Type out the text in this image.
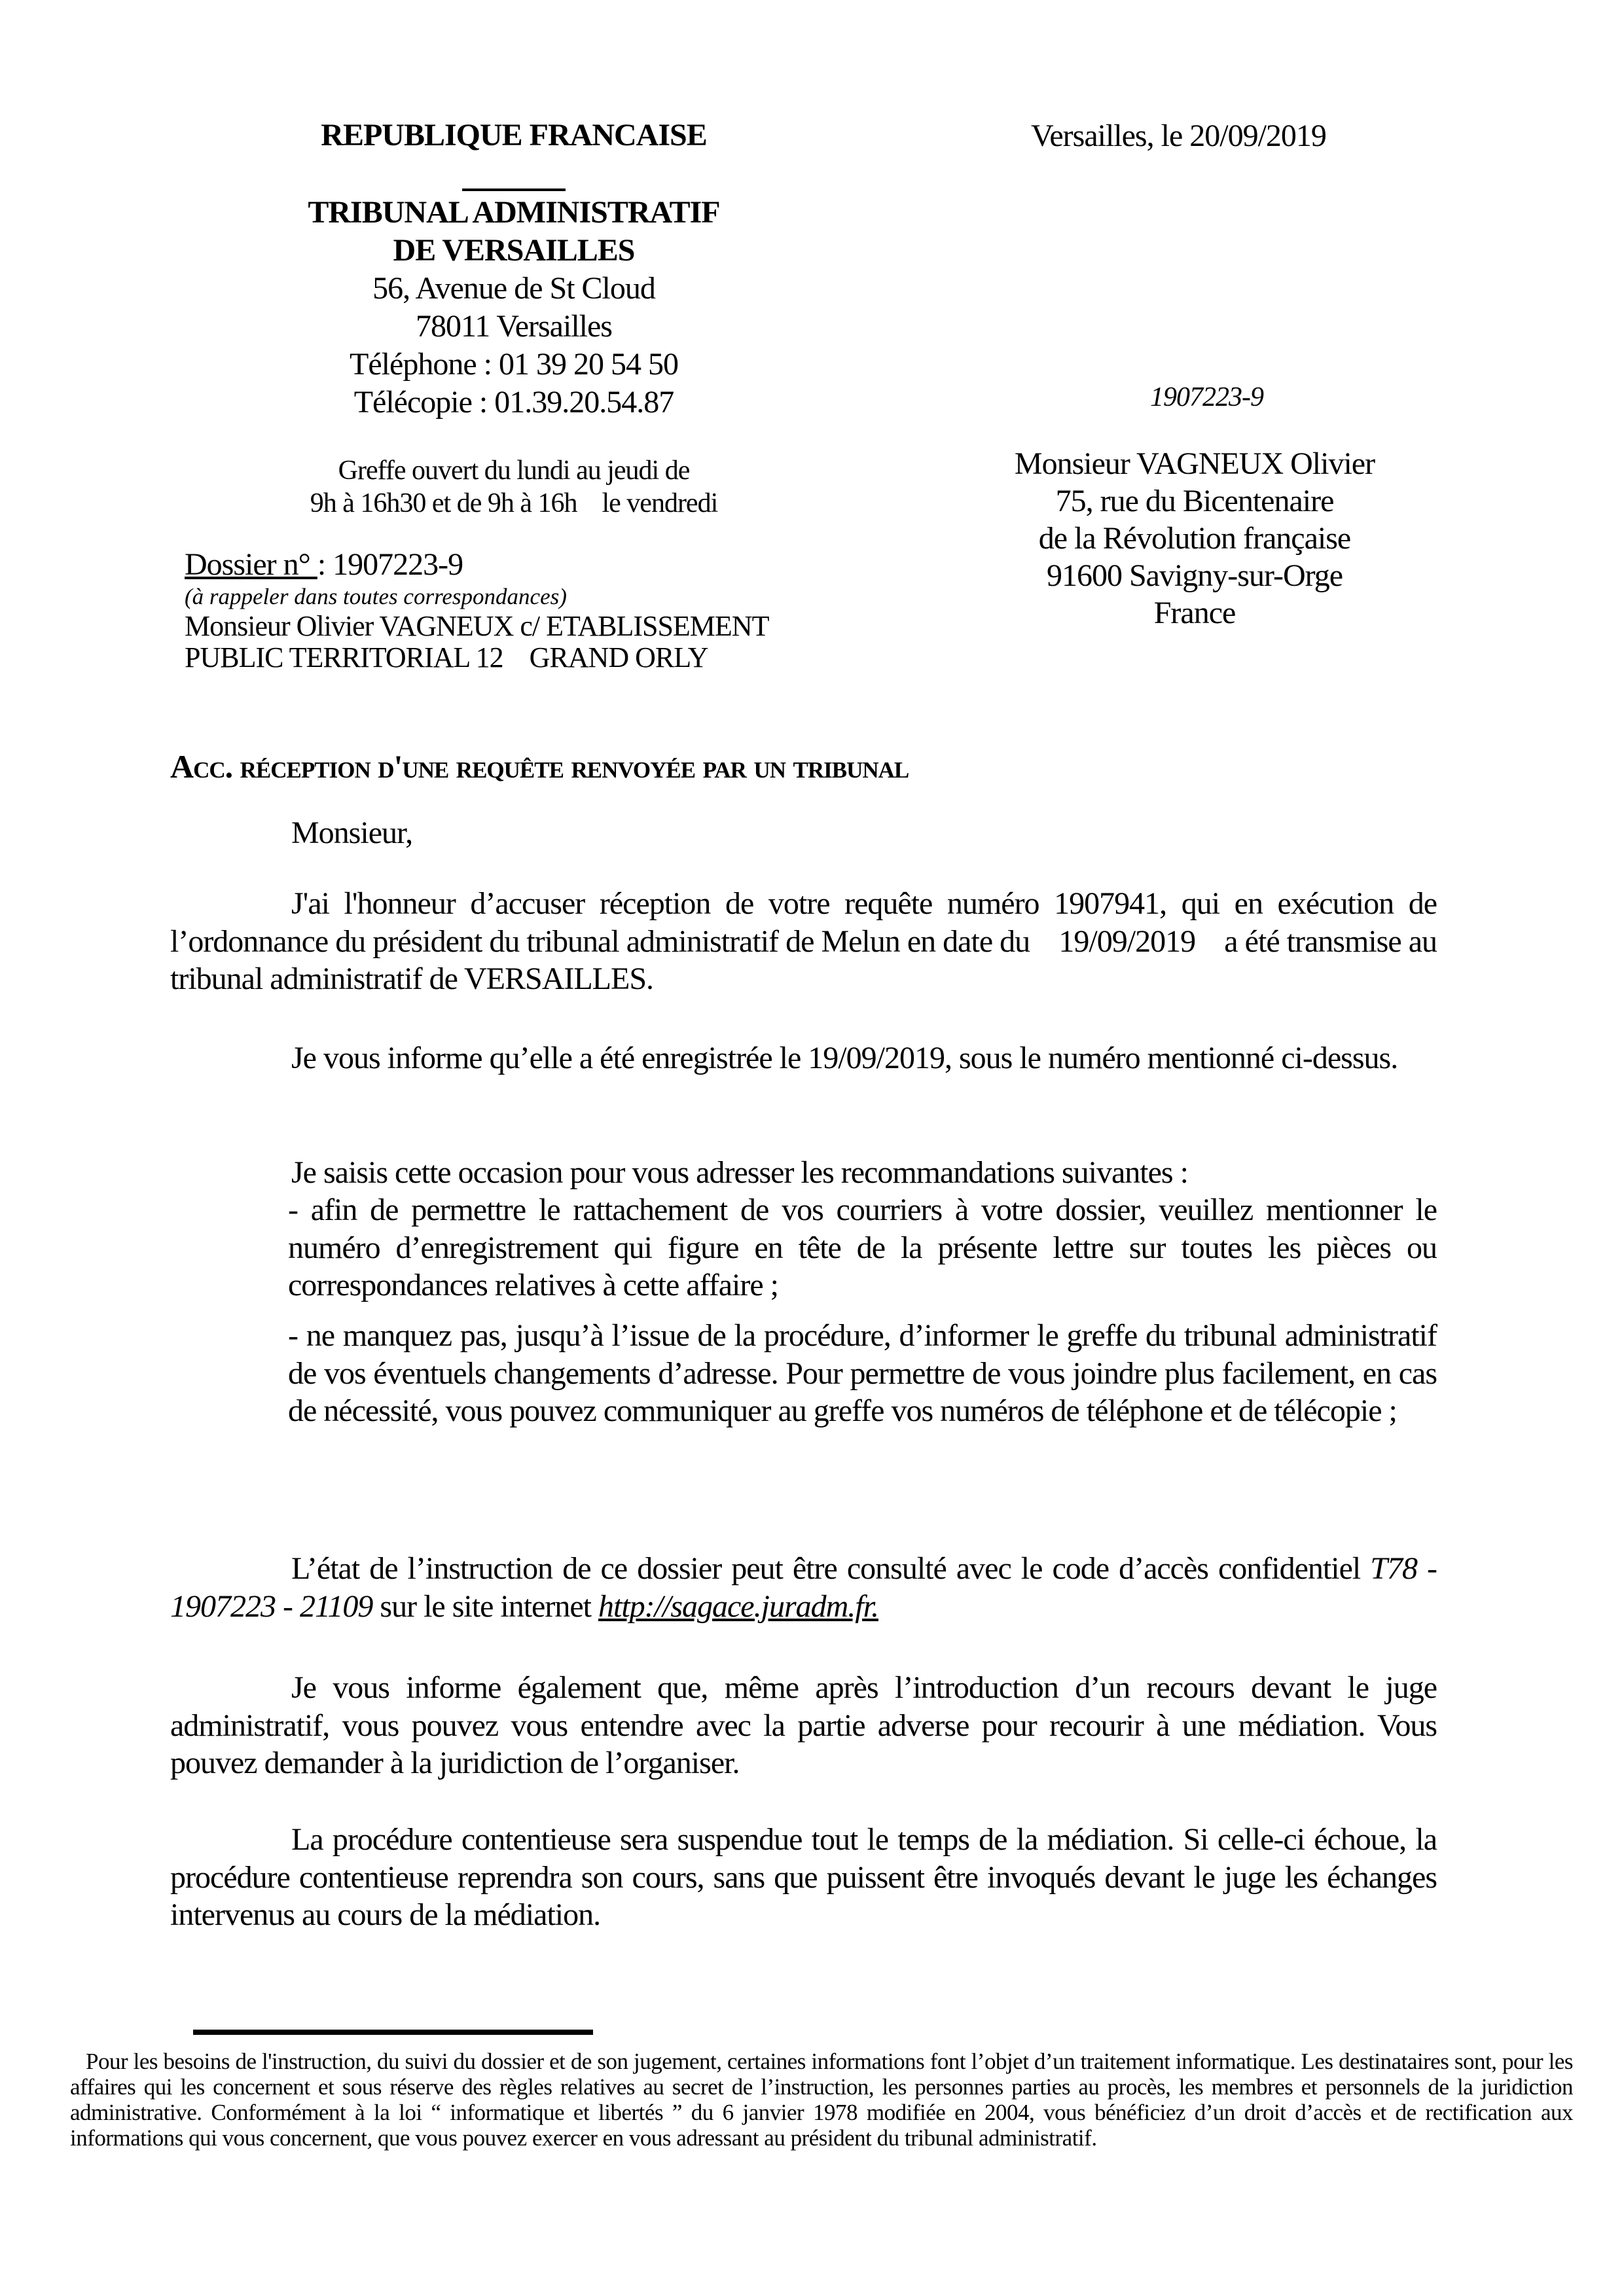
REPUBLIQUE FRANCAISE
TRIBUNAL ADMINISTRATIF
DE VERSAILLES
56, Avenue de St Cloud
78011 Versailles
Téléphone : 01 39 20 54 50
Télécopie : 01.39.20.54.87
Greffe ouvert du lundi au jeudi de
9h à 16h30 et de 9h à 16h    le vendredi
Versailles, le 20/09/2019
1907223-9
Monsieur VAGNEUX Olivier
75, rue du Bicentenaire
de la Révolution française
91600 Savigny-sur-Orge
France
Dossier n° : 1907223-9
(à rappeler dans toutes correspondances)
Monsieur Olivier VAGNEUX c/ ETABLISSEMENT
PUBLIC TERRITORIAL 12    GRAND ORLY
Acc. réception d'une requête renvoyée par un tribunal
Monsieur,

J'ai l'honneur d’accuser réception de votre requête numéro 1907941, qui en exécution de l’ordonnance du président du tribunal administratif de Melun en date du    19/09/2019    a été transmise au tribunal administratif de VERSAILLES.

Je vous informe qu’elle a été enregistrée le 19/09/2019, sous le numéro mentionné ci-dessus.

Je saisis cette occasion pour vous adresser les recommandations suivantes :

- afin de permettre le rattachement de vos courriers à votre dossier, veuillez mentionner le numéro d’enregistrement qui figure en tête de la présente lettre sur toutes les pièces ou correspondances relatives à cette affaire ;

- ne manquez pas, jusqu’à l’issue de la procédure, d’informer le greffe du tribunal administratif de vos éventuels changements d’adresse. Pour permettre de vous joindre plus facilement, en cas de nécessité, vous pouvez communiquer au greffe vos numéros de téléphone et de télécopie ;

L’état de l’instruction de ce dossier peut être consulté avec le code d’accès confidentiel T78 - 1907223 - 21109 sur le site internet http://sagace.juradm.fr.

Je vous informe également que, même après l’introduction d’un recours devant le juge administratif, vous pouvez vous entendre avec la partie adverse pour recourir à une médiation. Vous pouvez demander à la juridiction de l’organiser.

La procédure contentieuse sera suspendue tout le temps de la médiation. Si celle-ci échoue, la procédure contentieuse reprendra son cours, sans que puissent être invoqués devant le juge les échanges intervenus au cours de la médiation.

Pour les besoins de l'instruction, du suivi du dossier et de son jugement, certaines informations font l’objet d’un traitement informatique. Les destinataires sont, pour les affaires qui les concernent et sous réserve des règles relatives au secret de l’instruction, les personnes parties au procès, les membres et personnels de la juridiction administrative. Conformément à la loi “ informatique et libertés ” du 6 janvier 1978 modifiée en 2004, vous bénéficiez d’un droit d’accès et de rectification aux informations qui vous concernent, que vous pouvez exercer en vous adressant au président du tribunal administratif.
